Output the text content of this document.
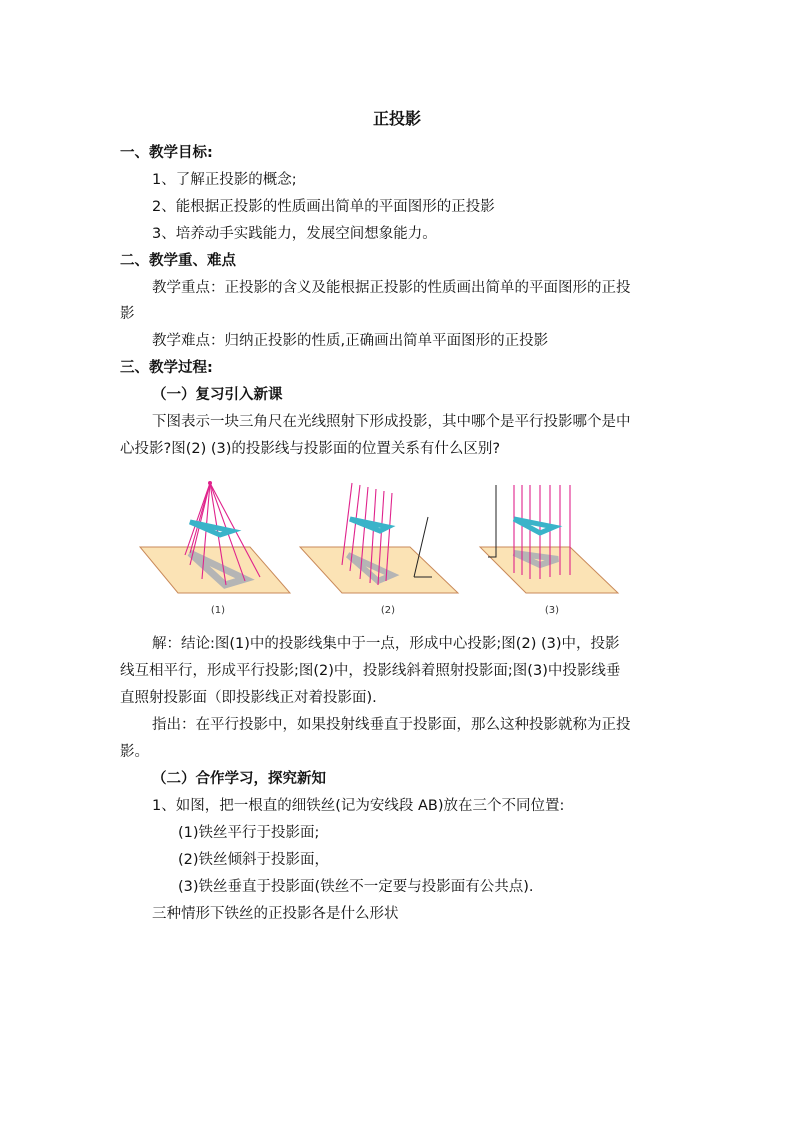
正投影
一、教学目标:
1、了解正投影的概念;
2、能根据正投影的性质画出简单的平面图形的正投影
3、培养动手实践能力，发展空间想象能力。
二、教学重、难点
教学重点：正投影的含义及能根据正投影的性质画出简单的平面图形的正投
影
教学难点：归纳正投影的性质,正确画出简单平面图形的正投影
三、教学过程:
（一）复习引入新课
下图表示一块三角尺在光线照射下形成投影，其中哪个是平行投影哪个是中
心投影?图(2) (3)的投影线与投影面的位置关系有什么区别?
(1)	(2)	(3)
解：结论:图(1)中的投影线集中于一点，形成中心投影;图(2) (3)中，投影
线互相平行，形成平行投影;图(2)中，投影线斜着照射投影面;图(3)中投影线垂
直照射投影面（即投影线正对着投影面).
指出：在平行投影中，如果投射线垂直于投影面，那么这种投影就称为正投
影。
（二）合作学习，探究新知
1、如图，把一根直的细铁丝(记为安线段 AB)放在三个不同位置:
(1)铁丝平行于投影面;
(2)铁丝倾斜于投影面，
(3)铁丝垂直于投影面(铁丝不一定要与投影面有公共点).
三种情形下铁丝的正投影各是什么形状
